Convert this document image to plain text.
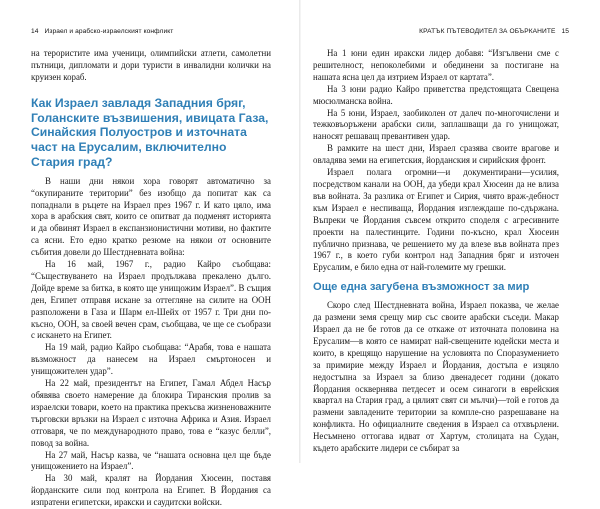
14 Израел и арабско-израелският конфликт

на терористите има ученици, олимпийски атлети, самолетни пътници, дипломати и дори туристи в инвалидни колички на круизен кораб.

Как Израел завладя Западния бряг, Голанските възвишения, ивицата Газа, Синайския Полуостров и източната част на Ерусалим, включително Стария град?

В наши дни някои хора говорят автоматично за “окупираните територии” без изобщо да попитат как са попаднали в ръцете на Израел през 1967 г. И като цяло, има хора в арабския свят, които се опитват да подменят историята и да обвинят Израел в експанзионистични мотиви, но фактите са ясни. Ето едно кратко резюме на някои от основните събития довели до Шестдневната война:

На 16 май, 1967 г., радио Кайро съобщава: “Съществуването на Израел продължава прекалено дълго. Дойде време за битка, в която ще унищожим Израел”. В същия ден, Египет отправя искане за оттегляне на силите на ООН разположени в Газа и Шарм ел-Шейх от 1957 г. Три дни по-късно, ООН, за своей вечен срам, съобщава, че ще се съобрази с искането на Египет.

На 19 май, радио Кайро съобщава: “Арабя, това е нашата възможност да нанесем на Израел смъртоносен и унищожителен удар”.

На 22 май, президентът на Египет, Гамал Абдел Насър обявява своето намерение да блокира Тиранския пролив за израелски товари, което на практика прекъсва жизненоважните търговски връзки на Израел с източна Африка и Азия. Израел отговаря, че по международното право, това е “казус белли”, повод за война.

На 27 май, Насър казва, че “нашата основна цел ще бъде унищожението на Израел”.

На 30 май, кралят на Йордания Хюсеин, поставя йорданските сили под контрола на Египет. В Йордания са изпратени египетски, иракски и саудитски войски.

КРАТЪК ПЪТЕВОДИТЕЛ ЗА ОБЪРКАНИТЕ 15

На 1 юни един иракски лидер добавя: “Изгълвени сме с решителност, непоколебими и обединени за постигане на нашата ясна цел да изтрием Израел от картата”.

На 3 юни радио Кайро приветства предстоящата Свещена мюсюлманска война.

На 5 юни, Израел, заобиколен от далеч по-многочислени и тежковъоръжени арабски сили, заплашващи да го унищожат, наносят решаващ превантивен удар.

В рамките на шест дни, Израел сразява своите врагове и овладява земи на египетския, йорданския и сирийския фронт.

Израел полага огромни—и документирани—усилия, посредством канали на ООН, да убеди крал Хюсеин да не влиза във войната. За разлика от Египет и Сирия, чиято враж-дебност към Израел е неспиваща, Йордания изглеждаше по-сдържана. Въпреки че Йордания съвсем открито споделя с агресивните проекти на палестинците. Години по-късно, крал Хюсеин публично признава, че решението му да влезе във войната през 1967 г., в което губи контрол над Западния бряг и източен Ерусалим, е било една от най-големите му грешки.

Още една загубена възможност за мир

Скоро след Шестдневната война, Израел показва, че желае да размени земя срещу мир със своите арабски съседи. Макар Израел да не бе готов да се откаже от източната половина на Ерусалим—в която се намират най-свещените юдейски места и които, в крещящо нарушение на условията по Споразумението за примирие между Израел и Йордания, достъпа е изцяло недостъпна за Израел за близо двенадесет години (докато Йордания осквернява петдесет и осем синагоги в еврейския квартал на Стария град, а цялият свят си мълчи)—той е готов да размени завладените територии за компле-сно разрешаване на конфликта. Но официалните сведения в Израел са отхвърлени. Несъмнено оттогава идват от Хартум, столицата на Судан, където арабските лидери се събират за
